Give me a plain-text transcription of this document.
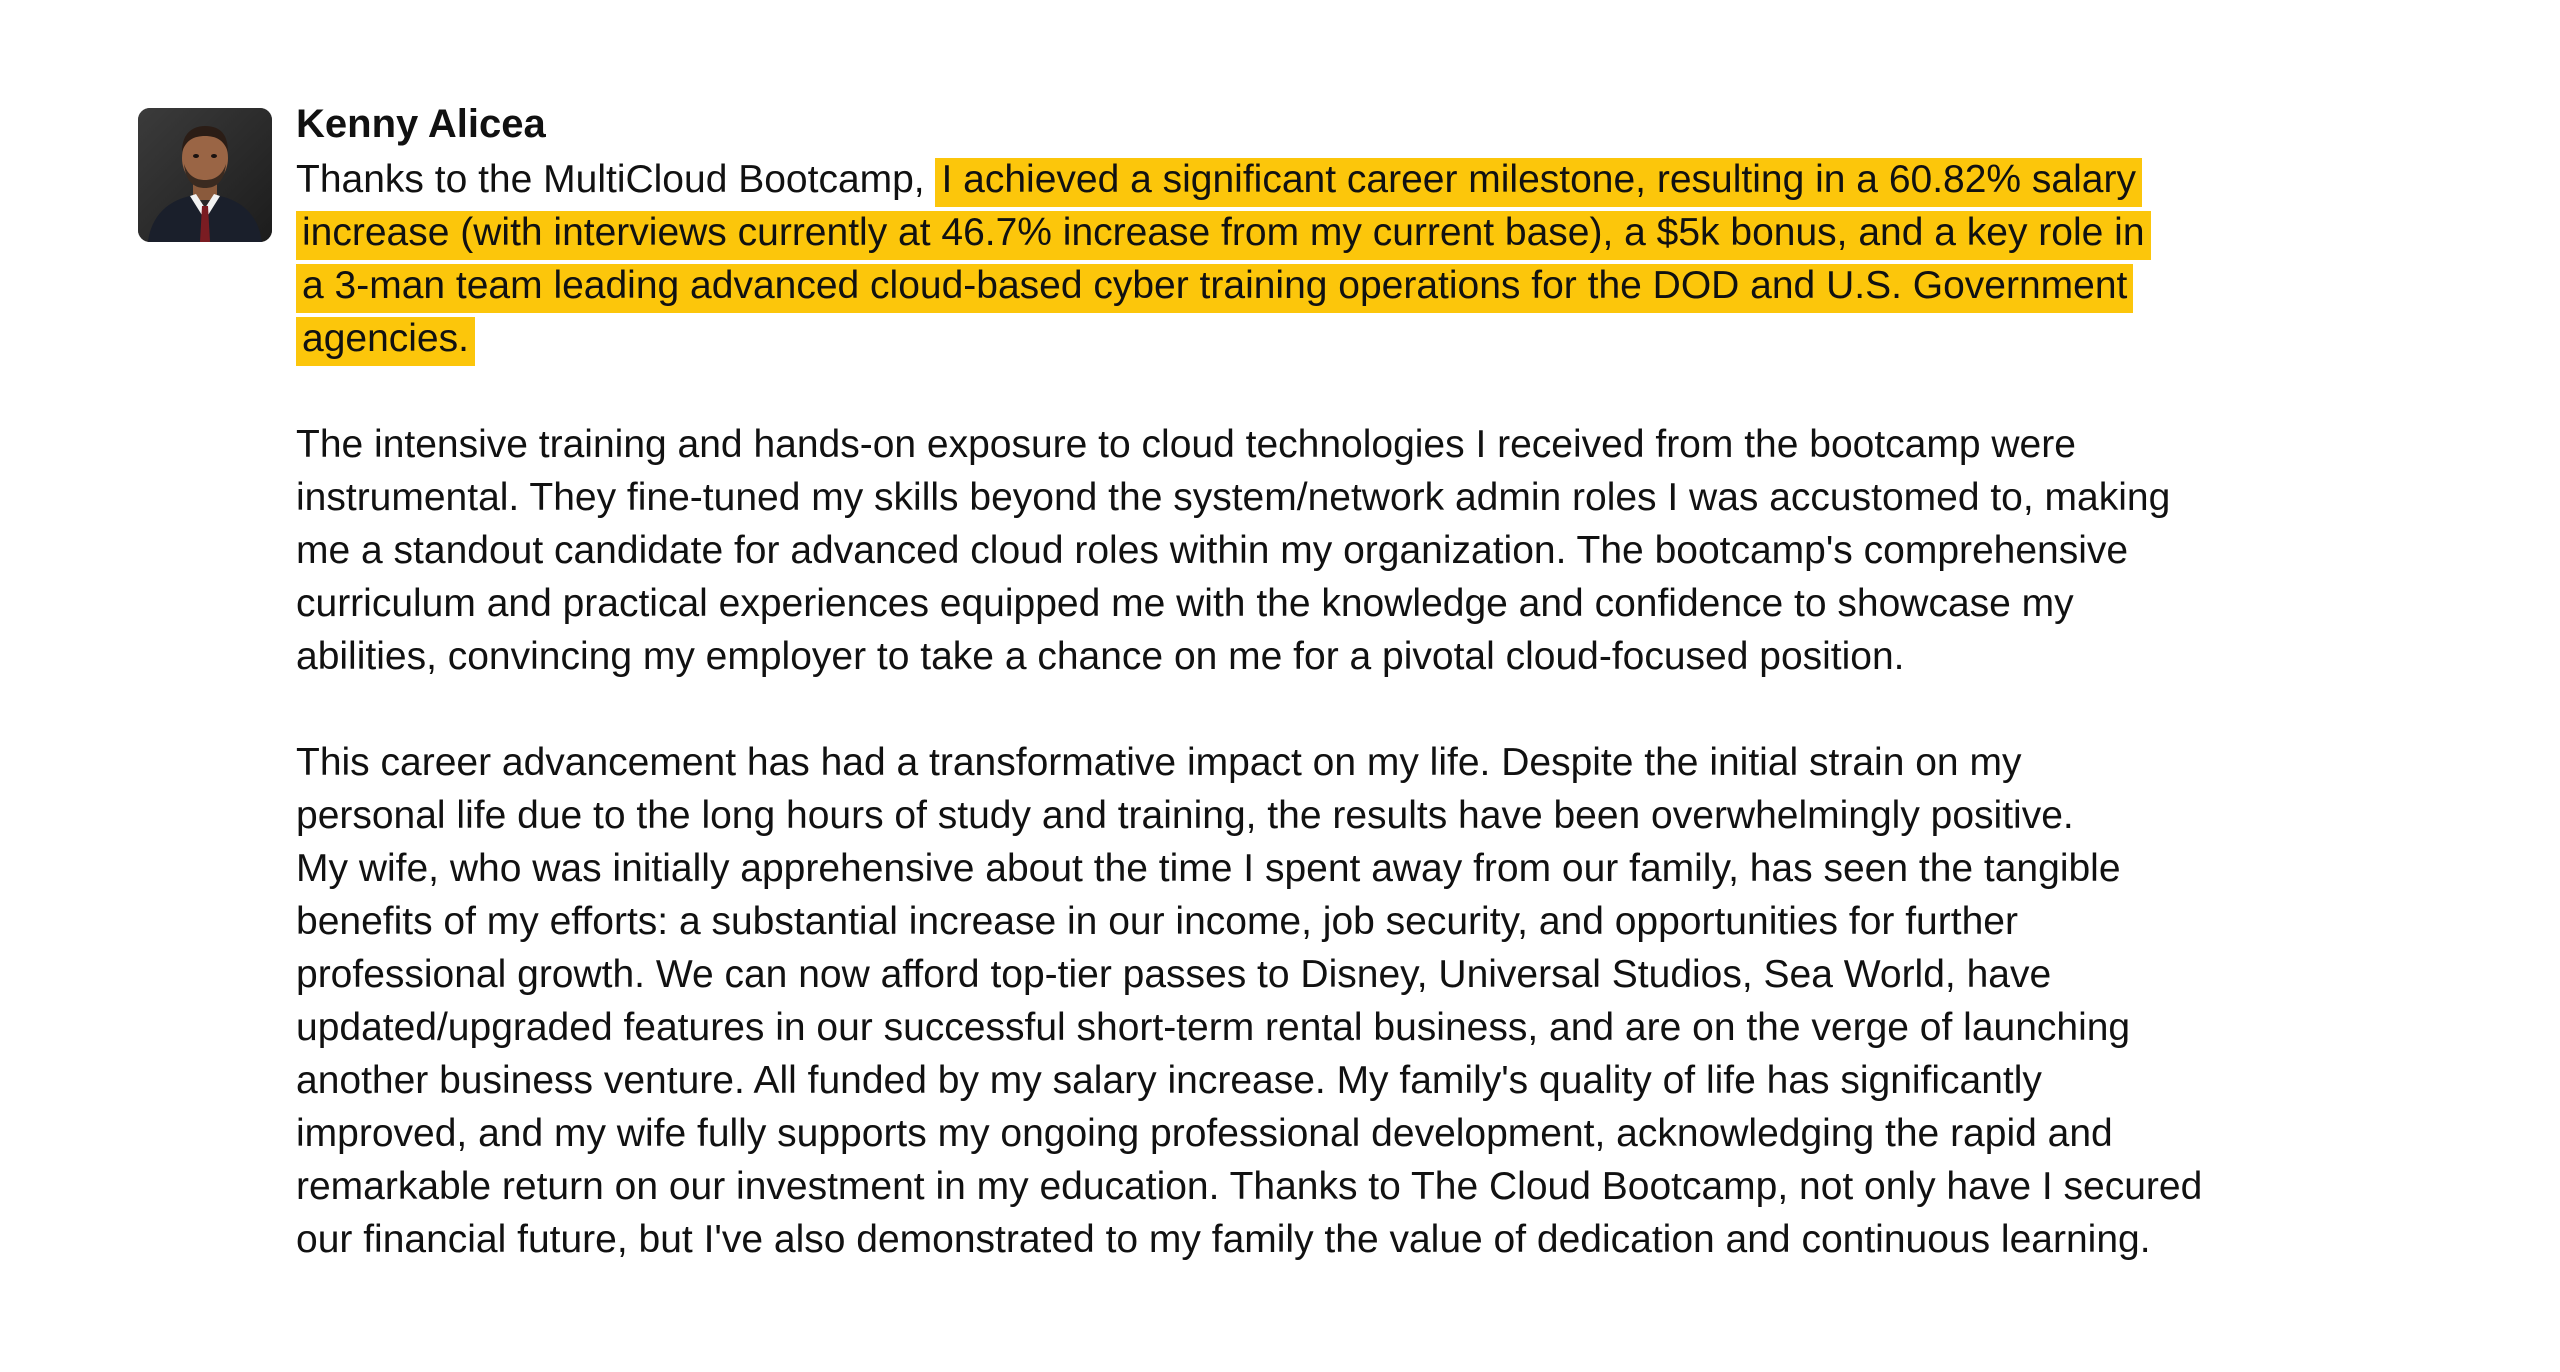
Kenny Alicea

Thanks to the MultiCloud Bootcamp, I achieved a significant career milestone, resulting in a 60.82% salary
increase (with interviews currently at 46.7% increase from my current base), a $5k bonus, and a key role in
a 3-man team leading advanced cloud-based cyber training operations for the DOD and U.S. Government
agencies.

The intensive training and hands-on exposure to cloud technologies I received from the bootcamp were
instrumental. They fine-tuned my skills beyond the system/network admin roles I was accustomed to, making
me a standout candidate for advanced cloud roles within my organization. The bootcamp's comprehensive
curriculum and practical experiences equipped me with the knowledge and confidence to showcase my
abilities, convincing my employer to take a chance on me for a pivotal cloud-focused position.

This career advancement has had a transformative impact on my life. Despite the initial strain on my
personal life due to the long hours of study and training, the results have been overwhelmingly positive.
My wife, who was initially apprehensive about the time I spent away from our family, has seen the tangible
benefits of my efforts: a substantial increase in our income, job security, and opportunities for further
professional growth. We can now afford top-tier passes to Disney, Universal Studios, Sea World, have
updated/upgraded features in our successful short-term rental business, and are on the verge of launching
another business venture. All funded by my salary increase. My family's quality of life has significantly
improved, and my wife fully supports my ongoing professional development, acknowledging the rapid and
remarkable return on our investment in my education. Thanks to The Cloud Bootcamp, not only have I secured
our financial future, but I've also demonstrated to my family the value of dedication and continuous learning.
